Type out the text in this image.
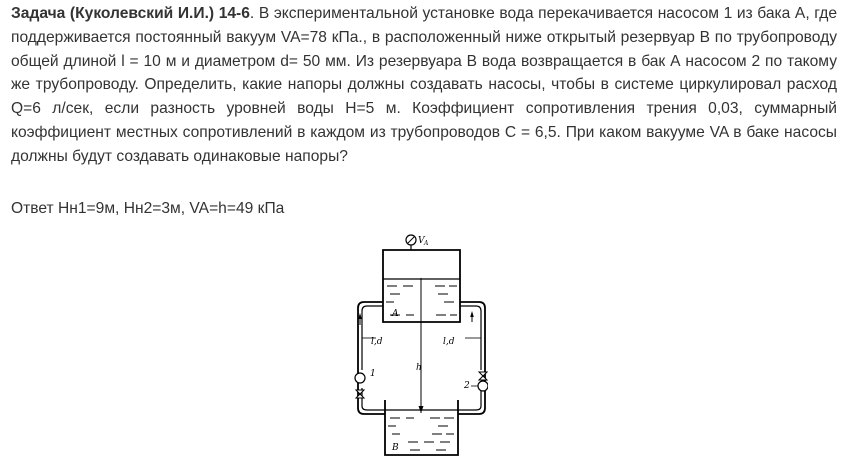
Задача (Куколевский И.И.) 14-6. В экспериментальной установке вода перекачивается насосом 1 из бака А, где поддерживается постоянный вакуум VA=78 кПа., в расположенный ниже открытый резервуар В по трубопроводу общей длиной l = 10 м и диаметром d= 50 мм. Из резервуара В вода возвращается в бак А насосом 2 по такому же трубопроводу. Определить, какие напоры должны создавать насосы, чтобы в системе циркулировал расход Q=6 л/сек, если разность уровней воды H=5 м. Коэффициент сопротивления трения 0,03, суммарный коэффициент местных сопротивлений в каждом из трубопроводов С = 6,5. При каком вакууме VA в баке насосы должны будут создавать одинаковые напоры?

Ответ Hн1=9м, Hн2=3м, VA=h=49 кПа

V A
h
A
l,d
1
l,d
2
B
